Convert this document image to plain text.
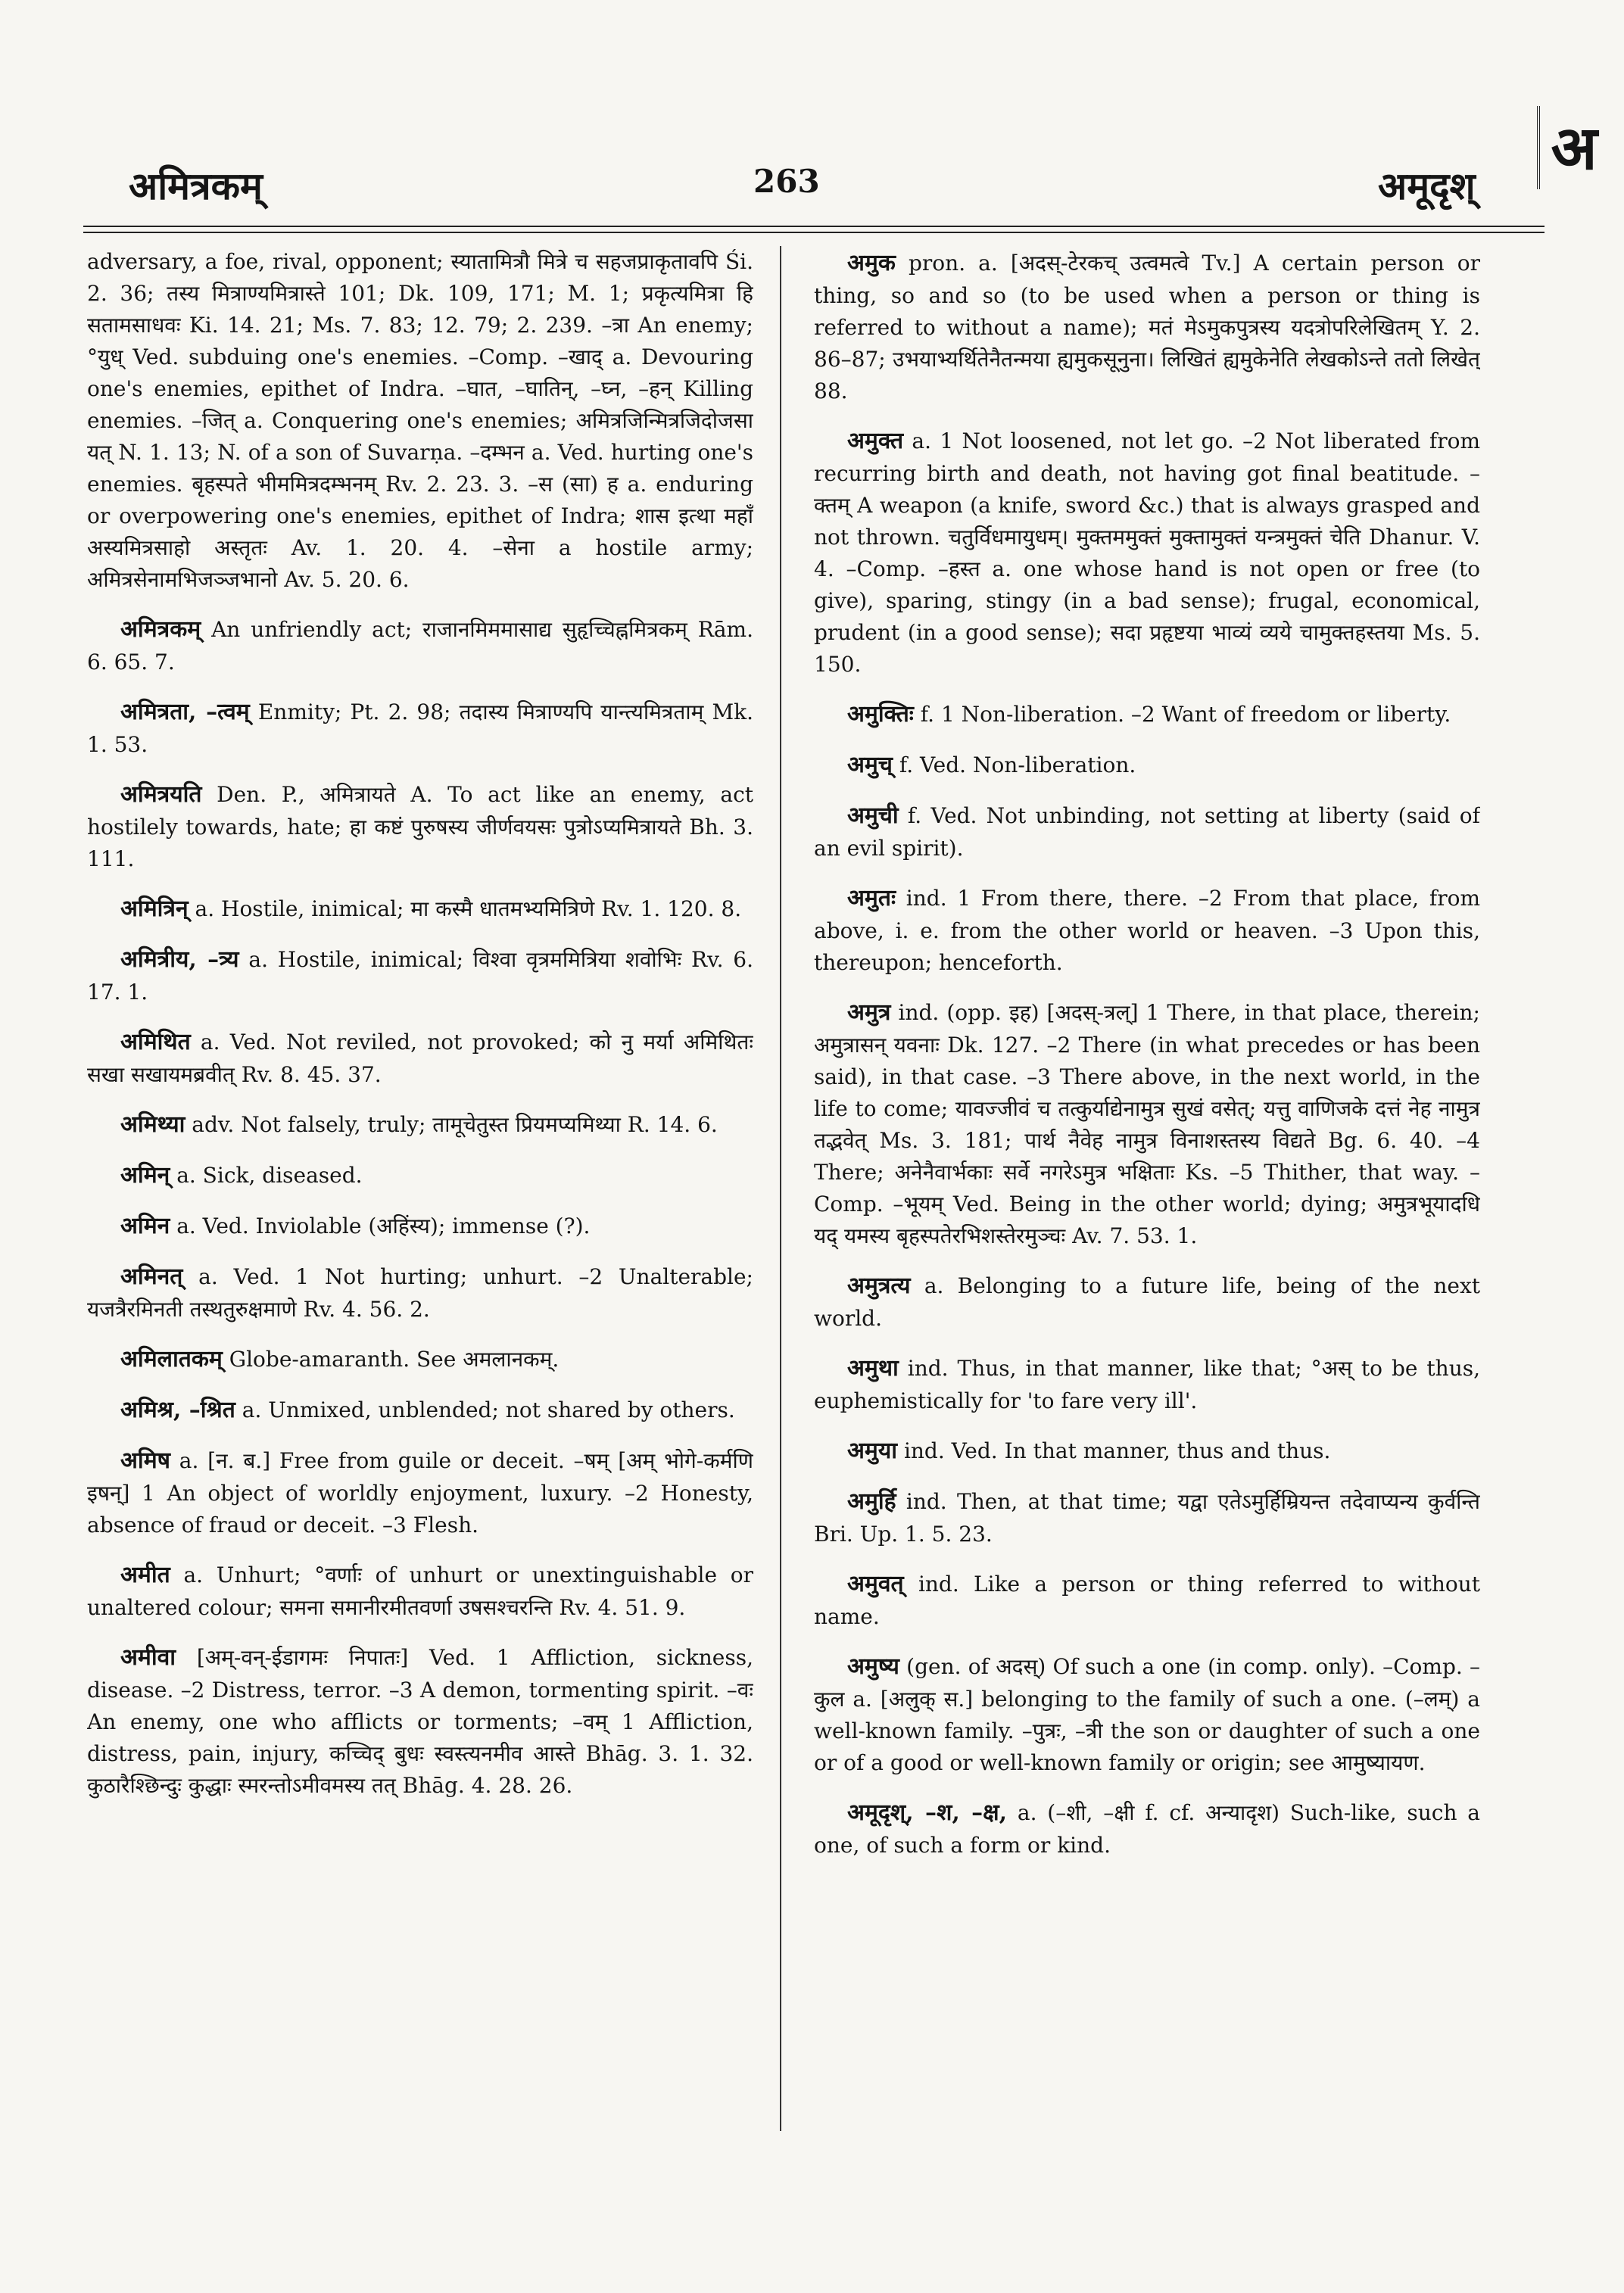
अमित्रकम्	263	अमूदृश्
अ

adversary, a foe, rival, opponent; स्यातामित्रौ मित्रे च सहजप्राकृतावपि Śi. 2. 36; तस्य मित्राण्यमित्रास्ते 101; Dk. 109, 171; M. 1; प्रकृत्यमित्रा हि सतामसाधवः Ki. 14. 21; Ms. 7. 83; 12. 79; 2. 239. –त्रा An enemy; °युध् Ved. subduing one's enemies. –Comp. –खाद् a. Devouring one's enemies, epithet of Indra. –घात, –घातिन्, –घ्न, –हन् Killing enemies. –जित् a. Conquering one's enemies; अमित्रजिन्मित्रजिदोजसा यत् N. 1. 13; N. of a son of Suvarṇa. –दम्भन a. Ved. hurting one's enemies. बृहस्पते भीममित्रदम्भनम् Rv. 2. 23. 3. –स (सा) ह a. enduring or overpowering one's enemies, epithet of Indra; शास इत्था महाँ अस्यमित्रसाहो अस्तृतः Av. 1. 20. 4. –सेना a hostile army; अमित्रसेनामभिजञ्जभानो Av. 5. 20. 6.

अमित्रकम् An unfriendly act; राजानमिममासाद्य सुहृच्चिह्नमित्रकम् Rām. 6. 65. 7.

अमित्रता, –त्वम् Enmity; Pt. 2. 98; तदास्य मित्राण्यपि यान्त्यमित्रताम् Mk. 1. 53.

अमित्रयति Den. P., अमित्रायते A. To act like an enemy, act hostilely towards, hate; हा कष्टं पुरुषस्य जीर्णवयसः पुत्रोऽप्यमित्रायते Bh. 3. 111.

अमित्रिन् a. Hostile, inimical; मा कस्मै धातमभ्यमित्रिणे Rv. 1. 120. 8.

अमित्रीय, –त्र्य a. Hostile, inimical; विश्वा वृत्रममित्रिया शवोभिः Rv. 6. 17. 1.

अमिथित a. Ved. Not reviled, not provoked; को नु मर्या अमिथितः सखा सखायमब्रवीत् Rv. 8. 45. 37.

अमिथ्या adv. Not falsely, truly; तामूचेतुस्त प्रियमप्यमिथ्या R. 14. 6.

अमिन् a. Sick, diseased.

अमिन a. Ved. Inviolable (अहिंस्य); immense (?).

अमिनत् a. Ved. 1 Not hurting; unhurt. –2 Unalterable; यजत्रैरमिनती तस्थतुरुक्षमाणे Rv. 4. 56. 2.

अमिलातकम् Globe-amaranth. See अमलानकम्.

अमिश्र, –श्रित a. Unmixed, unblended; not shared by others.

अमिष a. [न. ब.] Free from guile or deceit. –षम् [अम् भोगे-कर्मणि इषन्] 1 An object of worldly enjoyment, luxury. –2 Honesty, absence of fraud or deceit. –3 Flesh.

अमीत a. Unhurt; °वर्णाः of unhurt or unextinguishable or unaltered colour; समना समानीरमीतवर्णा उषसश्चरन्ति Rv. 4. 51. 9.

अमीवा [अम्-वन्-ईडागमः निपातः] Ved. 1 Affliction, sickness, disease. –2 Distress, terror. –3 A demon, tormenting spirit. –वः An enemy, one who afflicts or torments; –वम् 1 Affliction, distress, pain, injury, कच्चिद् बुधः स्वस्त्यनमीव आस्ते Bhāg. 3. 1. 32. कुठारैश्छिन्दुः कुद्धाः स्मरन्तोऽमीवमस्य तत् Bhāg. 4. 28. 26.

अमुक pron. a. [अदस्-टेरकच् उत्वमत्वे Tv.] A certain person or thing, so and so (to be used when a person or thing is referred to without a name); मतं मेऽमुकपुत्रस्य यदत्रोपरिलेखितम् Y. 2. 86–87; उभयाभ्यर्थितेनैतन्मया ह्यमुकसूनुना। लिखितं ह्यमुकेनेति लेखकोऽन्ते ततो लिखेत् 88.

अमुक्त a. 1 Not loosened, not let go. –2 Not liberated from recurring birth and death, not having got final beatitude. –क्तम् A weapon (a knife, sword &c.) that is always grasped and not thrown. चतुर्विधमायुधम्। मुक्तममुक्तं मुक्तामुक्तं यन्त्रमुक्तं चेति Dhanur. V. 4. –Comp. –हस्त a. one whose hand is not open or free (to give), sparing, stingy (in a bad sense); frugal, economical, prudent (in a good sense); सदा प्रहृष्टया भाव्यं व्यये चामुक्तहस्तया Ms. 5. 150.

अमुक्तिः f. 1 Non-liberation. –2 Want of freedom or liberty.

अमुच् f. Ved. Non-liberation.

अमुची f. Ved. Not unbinding, not setting at liberty (said of an evil spirit).

अमुतः ind. 1 From there, there. –2 From that place, from above, i. e. from the other world or heaven. –3 Upon this, thereupon; henceforth.

अमुत्र ind. (opp. इह) [अदस्-त्रल्] 1 There, in that place, therein; अमुत्रासन् यवनाः Dk. 127. –2 There (in what precedes or has been said), in that case. –3 There above, in the next world, in the life to come; यावज्जीवं च तत्कुर्याद्येनामुत्र सुखं वसेत्; यत्तु वाणिजके दत्तं नेह नामुत्र तद्भवेत् Ms. 3. 181; पार्थ नैवेह नामुत्र विनाशस्तस्य विद्यते Bg. 6. 40. –4 There; अनेनैवार्भकाः सर्वे नगरेऽमुत्र भक्षिताः Ks. –5 Thither, that way. –Comp. –भूयम् Ved. Being in the other world; dying; अमुत्रभूयादधि यद् यमस्य बृहस्पतेरभिशस्तेरमुञ्चः Av. 7. 53. 1.

अमुत्रत्य a. Belonging to a future life, being of the next world.

अमुथा ind. Thus, in that manner, like that; °अस् to be thus, euphemistically for 'to fare very ill'.

अमुया ind. Ved. In that manner, thus and thus.

अमुर्हि ind. Then, at that time; यद्वा एतेऽमुर्हिम्रियन्त तदेवाप्यन्य कुर्वन्ति Bri. Up. 1. 5. 23.

अमुवत् ind. Like a person or thing referred to without name.

अमुष्य (gen. of अदस्) Of such a one (in comp. only). –Comp. –कुल a. [अलुक् स.] belonging to the family of such a one. (–लम्) a well-known family. –पुत्रः, –त्री the son or daughter of such a one or of a good or well-known family or origin; see आमुष्यायण.

अमूदृश्, –श, –क्ष, a. (–शी, –क्षी f. cf. अन्यादृश) Such-like, such a one, of such a form or kind.
